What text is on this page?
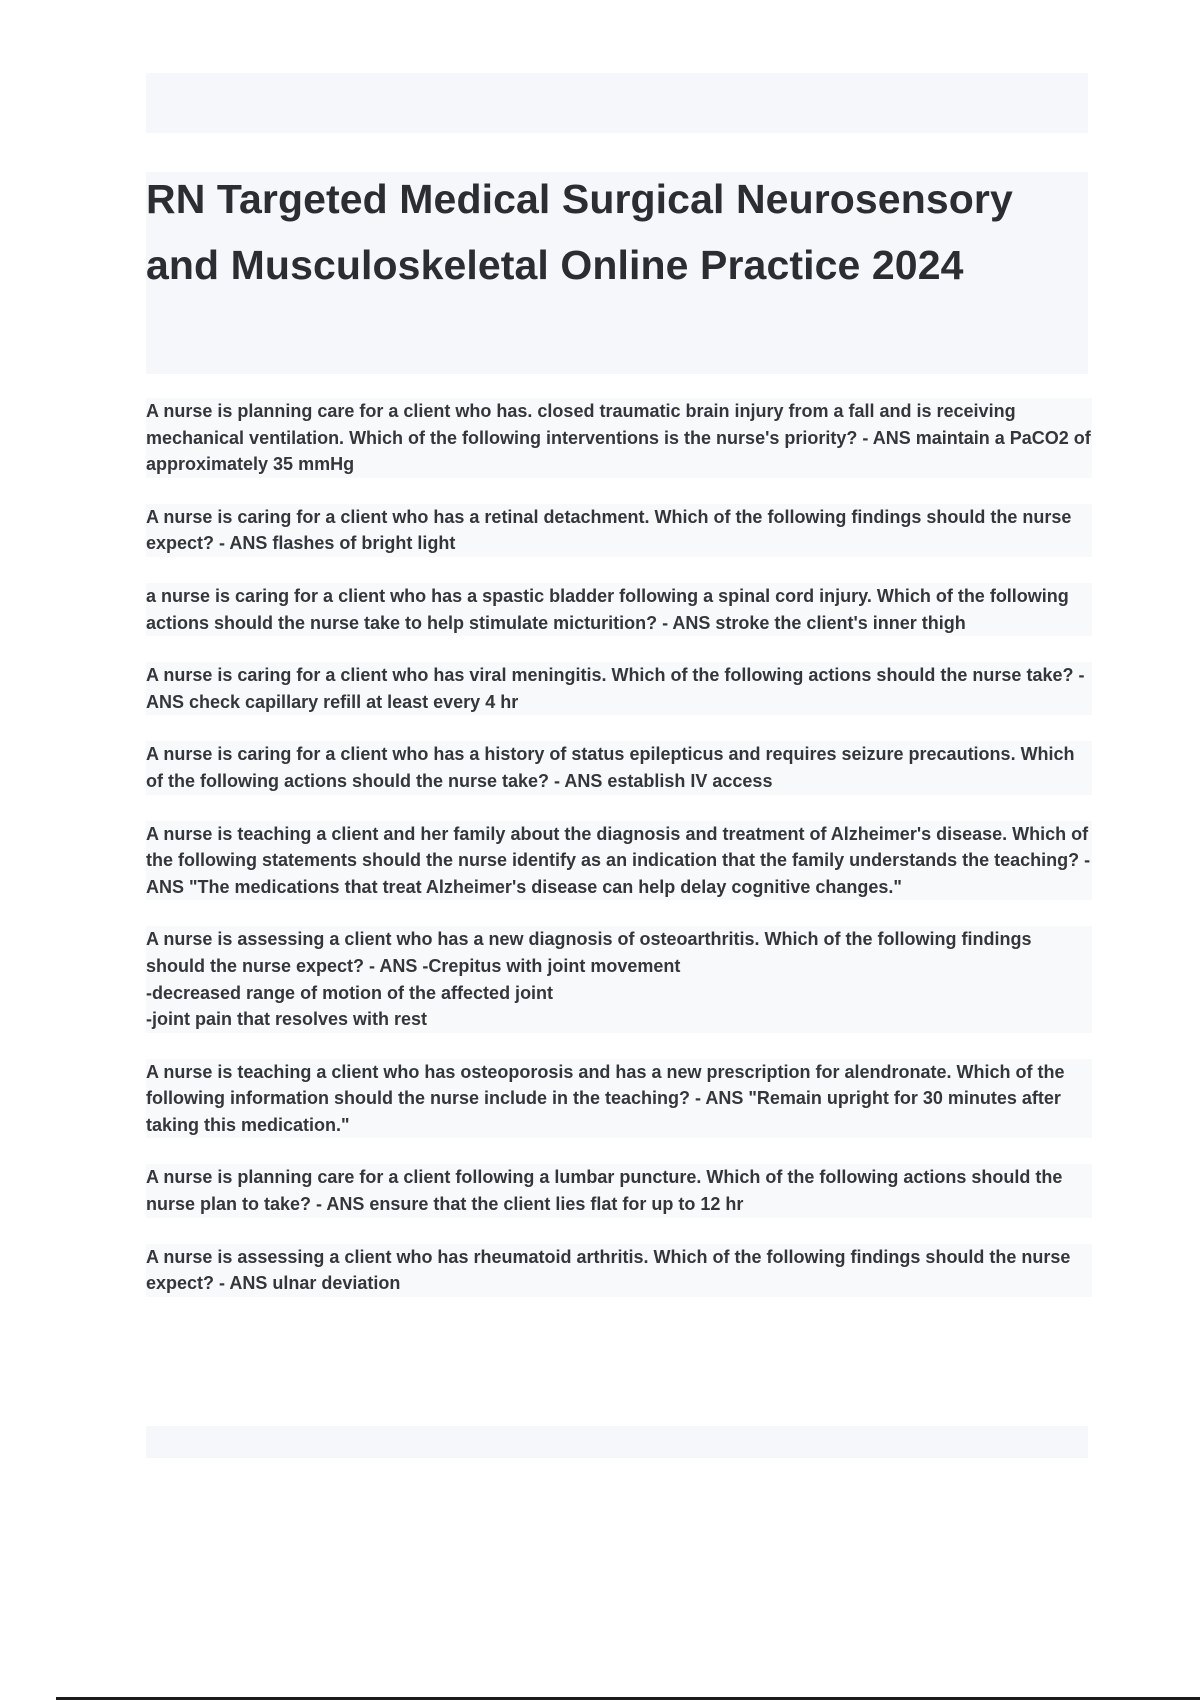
RN Targeted Medical Surgical Neurosensory and Musculoskeletal Online Practice 2024

A nurse is planning care for a client who has. closed traumatic brain injury from a fall and is receiving mechanical ventilation. Which of the following interventions is the nurse's priority? - ANS maintain a PaCO2 of approximately 35 mmHg

A nurse is caring for a client who has a retinal detachment. Which of the following findings should the nurse expect? - ANS flashes of bright light

a nurse is caring for a client who has a spastic bladder following a spinal cord injury. Which of the following actions should the nurse take to help stimulate micturition? - ANS stroke the client's inner thigh

A nurse is caring for a client who has viral meningitis. Which of the following actions should the nurse take? - ANS check capillary refill at least every 4 hr

A nurse is caring for a client who has a history of status epilepticus and requires seizure precautions. Which of the following actions should the nurse take? - ANS establish IV access

A nurse is teaching a client and her family about the diagnosis and treatment of Alzheimer's disease. Which of the following statements should the nurse identify as an indication that the family understands the teaching? - ANS "The medications that treat Alzheimer's disease can help delay cognitive changes."

A nurse is assessing a client who has a new diagnosis of osteoarthritis. Which of the following findings should the nurse expect? - ANS -Crepitus with joint movement
-decreased range of motion of the affected joint
-joint pain that resolves with rest

A nurse is teaching a client who has osteoporosis and has a new prescription for alendronate. Which of the following information should the nurse include in the teaching? - ANS "Remain upright for 30 minutes after taking this medication."

A nurse is planning care for a client following a lumbar puncture. Which of the following actions should the nurse plan to take? - ANS ensure that the client lies flat for up to 12 hr

A nurse is assessing a client who has rheumatoid arthritis. Which of the following findings should the nurse expect? - ANS ulnar deviation
